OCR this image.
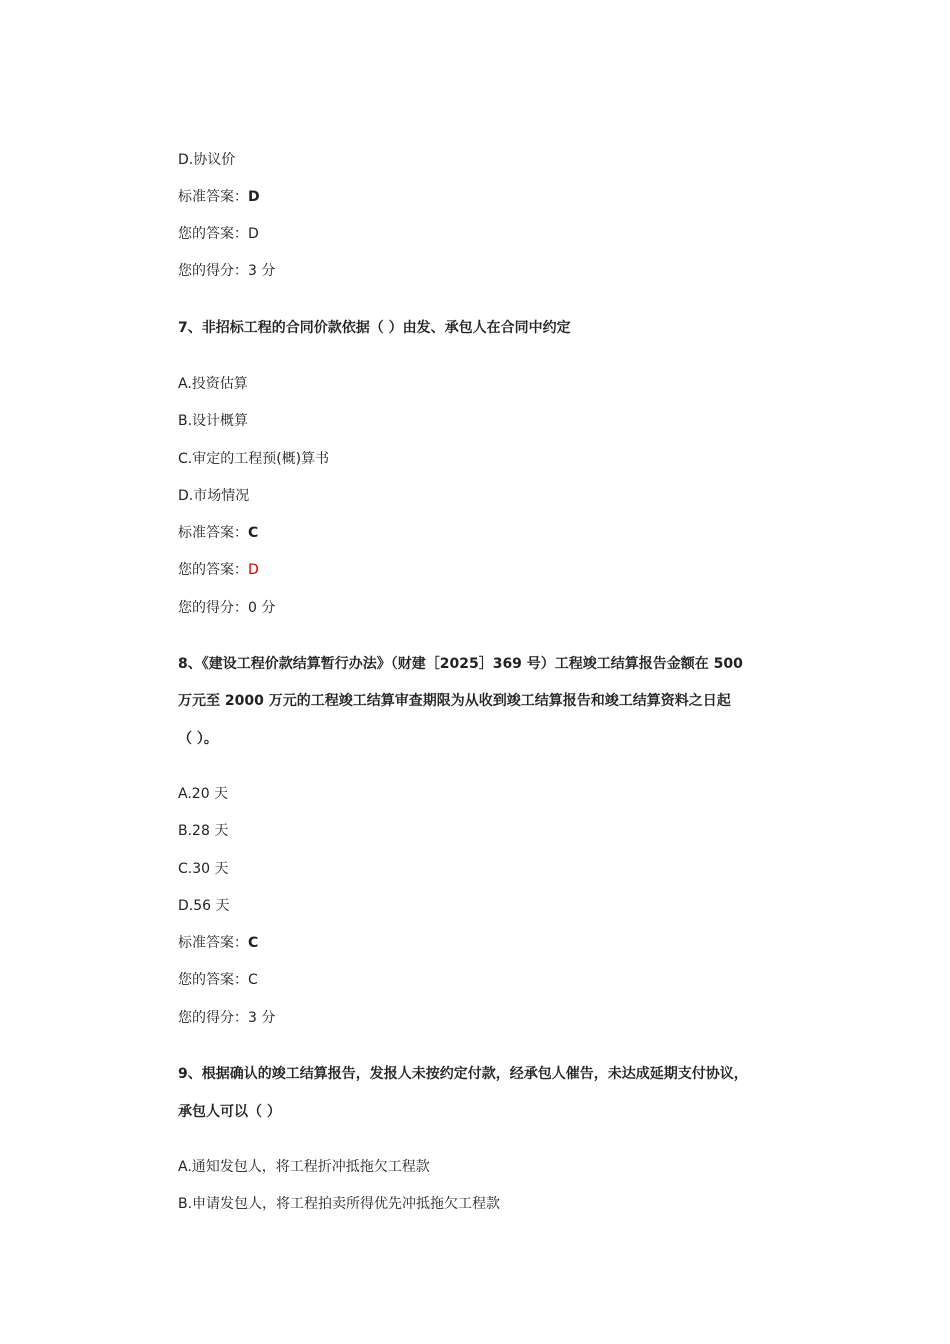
D.协议价
标准答案：D
您的答案：D
您的得分：3 分
7、非招标工程的合同价款依据（ ）由发、承包人在合同中约定
A.投资估算
B.设计概算
C.审定的工程预(概)算书
D.市场情况
标准答案：C
您的答案：D
您的得分：0 分
8、《建设工程价款结算暂行办法》（财建［2025］369 号）工程竣工结算报告金额在 500
万元至 2000 万元的工程竣工结算审查期限为从收到竣工结算报告和竣工结算资料之日起
（ ）。
A.20 天
B.28 天
C.30 天
D.56 天
标准答案：C
您的答案：C
您的得分：3 分
9、根据确认的竣工结算报告，发报人未按约定付款，经承包人催告，未达成延期支付协议，
承包人可以（ ）
A.通知发包人，将工程折冲抵拖欠工程款
B.申请发包人，将工程拍卖所得优先冲抵拖欠工程款
